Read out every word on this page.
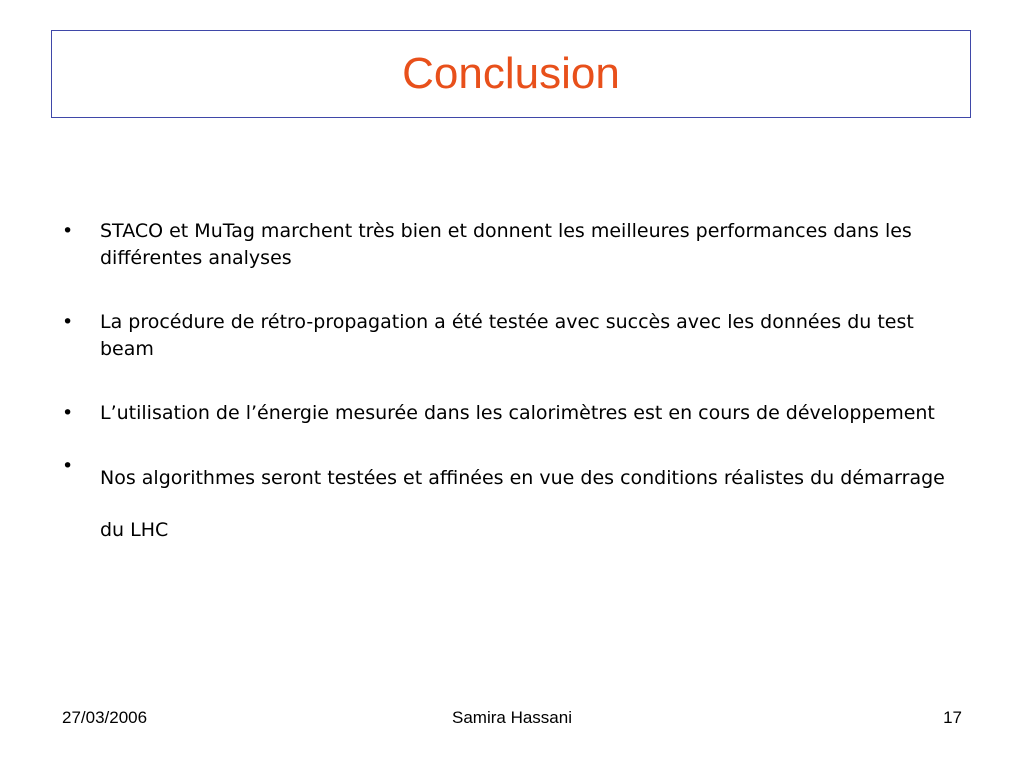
Conclusion
• STACO et MuTag marchent très bien et donnent les meilleures performances dans les différentes analyses
• La procédure de rétro-propagation a été testée avec succès avec les données du test beam
• L’utilisation de l’énergie mesurée dans les calorimètres est en cours de développement
•
Nos algorithmes seront testées et affinées en vue des conditions réalistes du démarrage du LHC
27/03/2006	Samira Hassani	17
